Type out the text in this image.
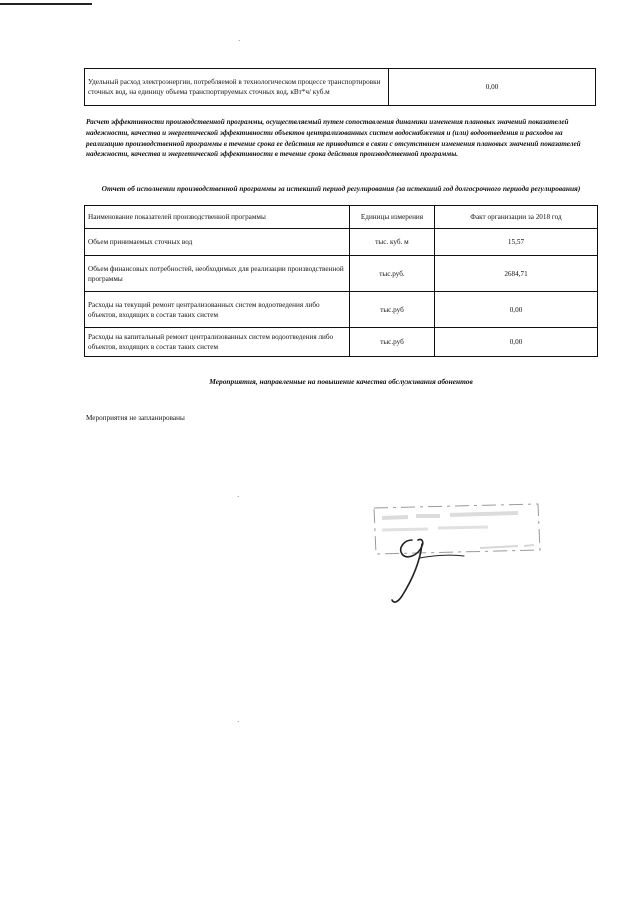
·
·
·
Удельный расход электроэнергии, потребляемой в технологическом процессе транспортировки сточных вод, на единицу объема транспортируемых сточных вод, кВт*ч/ куб.м	0,00
Расчет эффективности производственной программы, осуществляемый путем сопоставления динамики изменения плановых значений показателей надежности, качества и энергетической эффективности объектов централизованных систем водоснабжения и (или) водоотведения и расходов на реализацию производственной программы в течение срока ее действия не приводится в связи с отсутствием изменения плановых значений показателей надежности, качества и энергетической эффективности в течение срока действия производственной программы.
Отчет об исполнении производственной программы за истекший период регулирования (за истекший год долгосрочного периода регулирования)
Наименование показателей производственной программы	Единицы измерения	Факт организации за 2018 год
Объем принимаемых сточных вод	тыс. куб. м	15,57
Объем финансовых потребностей, необходимых для реализации производственной программы	тыс.руб.	2684,71
Расходы на текущий ремонт централизованных систем водоотведения либо объектов, входящих в состав таких систем	тыс.руб	0,00
Расходы на капитальный ремонт централизованных систем водоотведения либо объектов, входящих в состав таких систем	тыс.руб	0,00
Мероприятия, направленные на повышение качества обслуживания абонентов
Мероприятия не запланированы
